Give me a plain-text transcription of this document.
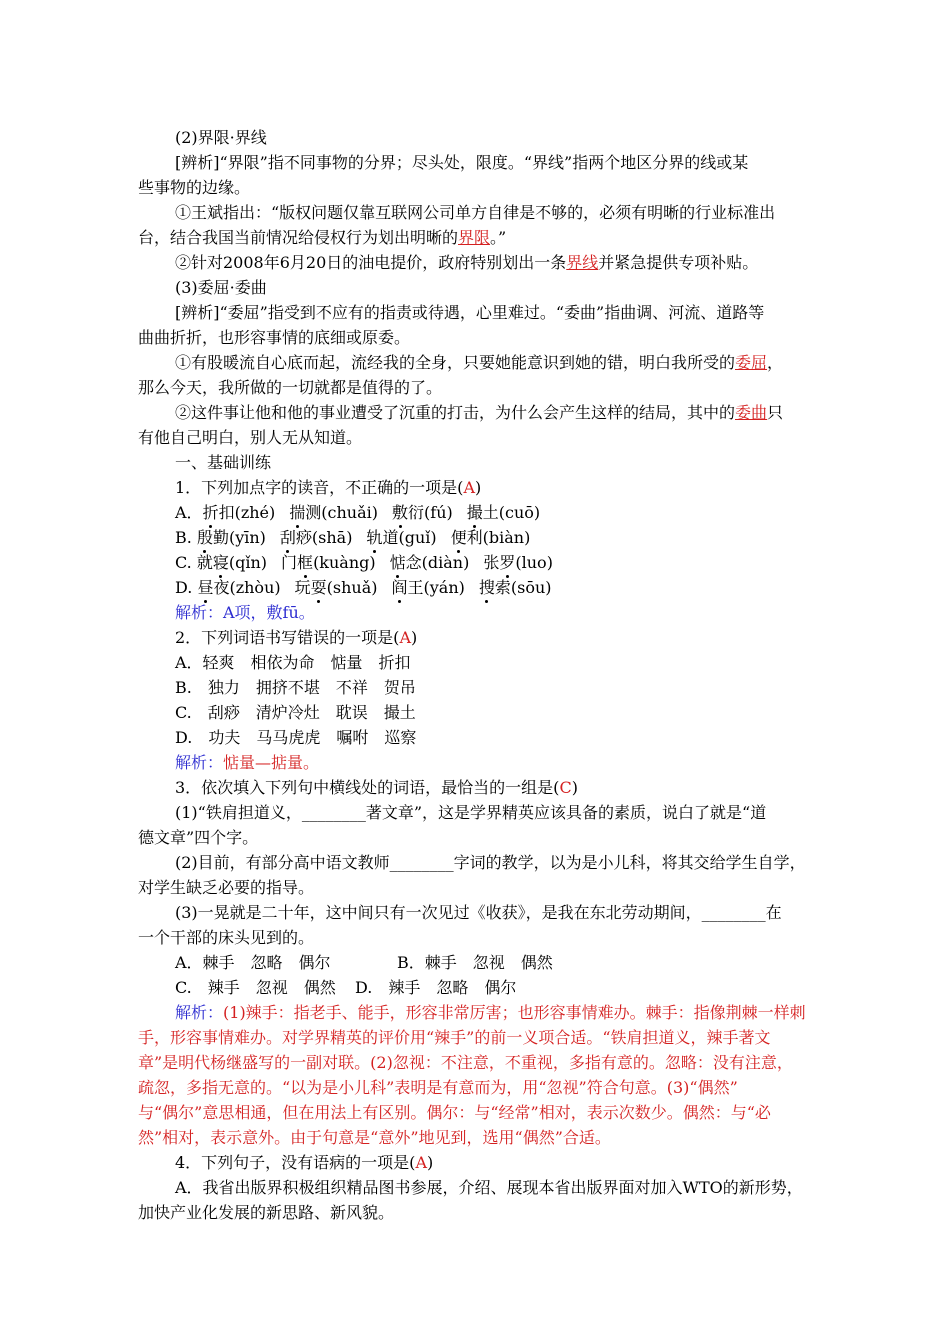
(2)界限·界线
[辨析]“界限”指不同事物的分界；尽头处，限度。“界线”指两个地区分界的线或某
些事物的边缘。
①王斌指出：“版权问题仅靠互联网公司单方自律是不够的，必须有明晰的行业标准出
台，结合我国当前情况给侵权行为划出明晰的界限。”
②针对2008年6月20日的油电提价，政府特别划出一条界线并紧急提供专项补贴。
(3)委屈·委曲
[辨析]“委屈”指受到不应有的指责或待遇，心里难过。“委曲”指曲调、河流、道路等
曲曲折折，也形容事情的底细或原委。
①有股暖流自心底而起，流经我的全身，只要她能意识到她的错，明白我所受的委屈，
那么今天，我所做的一切就都是值得的了。
②这件事让他和他的事业遭受了沉重的打击，为什么会产生这样的结局，其中的委曲只
有他自己明白，别人无从知道。
一、基础训练
1．下列加点字的读音，不正确的一项是(A)
A．折扣(zhé) 揣测(chuǎi) 敷衍(fú) 撮土(cuō)
B. 殷勤(yīn) 刮痧(shā) 轨道(guǐ) 便利(biàn)
C. 就寝(qǐn) 门框(kuàng) 惦念(diàn) 张罗(luo)
D. 昼夜(zhòu) 玩耍(shuǎ) 阎王(yán) 搜索(sōu)
解析：A项，敷fū。
2．下列词语书写错误的一项是(A)
A．轻爽　相依为命　惦量　折扣
B.　独力　拥挤不堪　不祥　贺吊
C.　刮痧　清炉冷灶　耽误　撮土
D.　功夫　马马虎虎　嘱咐　巡察
解析：惦量—掂量。
3．依次填入下列句中横线处的词语，最恰当的一组是(C)
(1)“铁肩担道义，________著文章”，这是学界精英应该具备的素质，说白了就是“道
德文章”四个字。
(2)目前，有部分高中语文教师________字词的教学，以为是小儿科，将其交给学生自学，
对学生缺乏必要的指导。
(3)一晃就是二十年，这中间只有一次见过《收获》，是我在东北劳动期间，________在
一个干部的床头见到的。
A．棘手　忽略　偶尔	B．棘手　忽视　偶然
C.　辣手　忽视　偶然 D.　辣手　忽略　偶尔
解析：(1)辣手：指老手、能手，形容非常厉害；也形容事情难办。棘手：指像荆棘一样刺
手，形容事情难办。对学界精英的评价用“辣手”的前一义项合适。“铁肩担道义，辣手著文
章”是明代杨继盛写的一副对联。(2)忽视：不注意，不重视，多指有意的。忽略：没有注意，
疏忽，多指无意的。“以为是小儿科”表明是有意而为，用“忽视”符合句意。(3)“偶然”
与“偶尔”意思相通，但在用法上有区别。偶尔：与“经常”相对，表示次数少。偶然：与“必
然”相对，表示意外。由于句意是“意外”地见到，选用“偶然”合适。
4．下列句子，没有语病的一项是(A)
A．我省出版界积极组织精品图书参展，介绍、展现本省出版界面对加入WTO的新形势，
加快产业化发展的新思路、新风貌。
